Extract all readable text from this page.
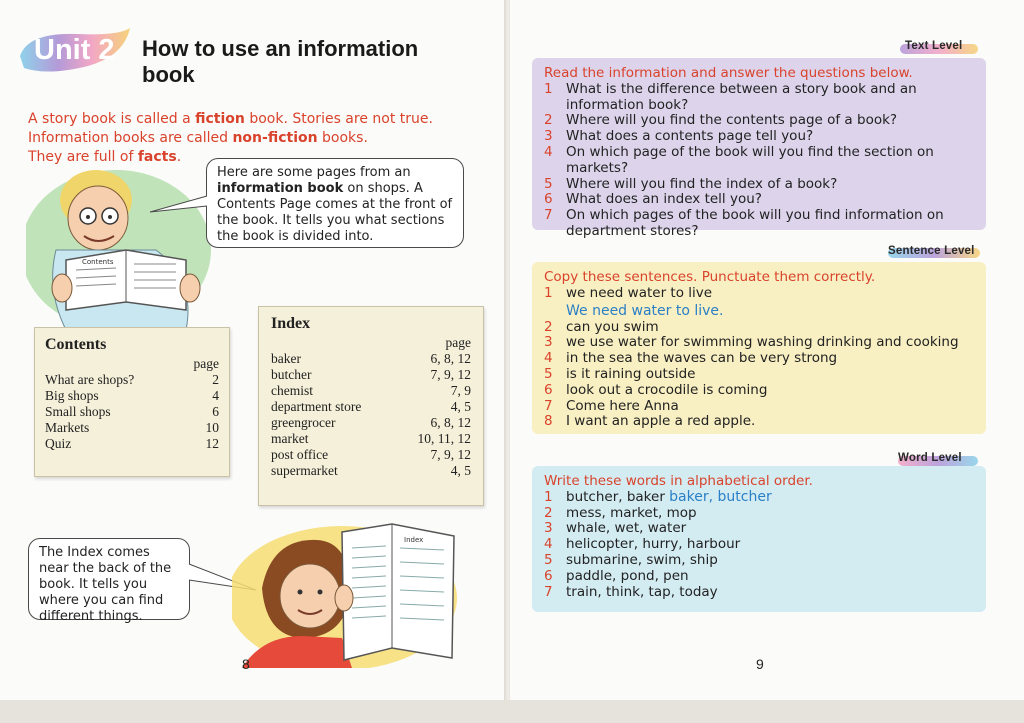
Unit 2 How to use an information book
A story book is called a fiction book. Stories are not true.
Information books are called non-fiction books.
They are full of facts.
Contents
Here are some pages from an information book on shops. A Contents Page comes at the front of the book. It tells you what sections the book is divided into.
Contents
page
What are shops?	2
Big shops	4
Small shops	6
Markets	10
Quiz	12
Index
page
baker	6, 8, 12
butcher	7, 9, 12
chemist	7, 9
department store	4, 5
greengrocer	6, 8, 12
market	10, 11, 12
post office	7, 9, 12
supermarket	4, 5
The Index comes near the back of the book. It tells you where you can find different things.
Index
8
Text Level
Read the information and answer the questions below.
1 What is the difference between a story book and an information book?
2 Where will you find the contents page of a book?
3 What does a contents page tell you?
4 On which page of the book will you find the section on markets?
5 Where will you find the index of a book?
6 What does an index tell you?
7 On which pages of the book will you find information on department stores?
Sentence Level
Copy these sentences. Punctuate them correctly.
1 we need water to live
We need water to live.
2 can you swim
3 we use water for swimming washing drinking and cooking
4 in the sea the waves can be very strong
5 is it raining outside
6 look out a crocodile is coming
7 Come here Anna
8 I want an apple a red apple.
Word Level
Write these words in alphabetical order.
1 butcher, baker baker, butcher
2 mess, market, mop
3 whale, wet, water
4 helicopter, hurry, harbour
5 submarine, swim, ship
6 paddle, pond, pen
7 train, think, tap, today
9
